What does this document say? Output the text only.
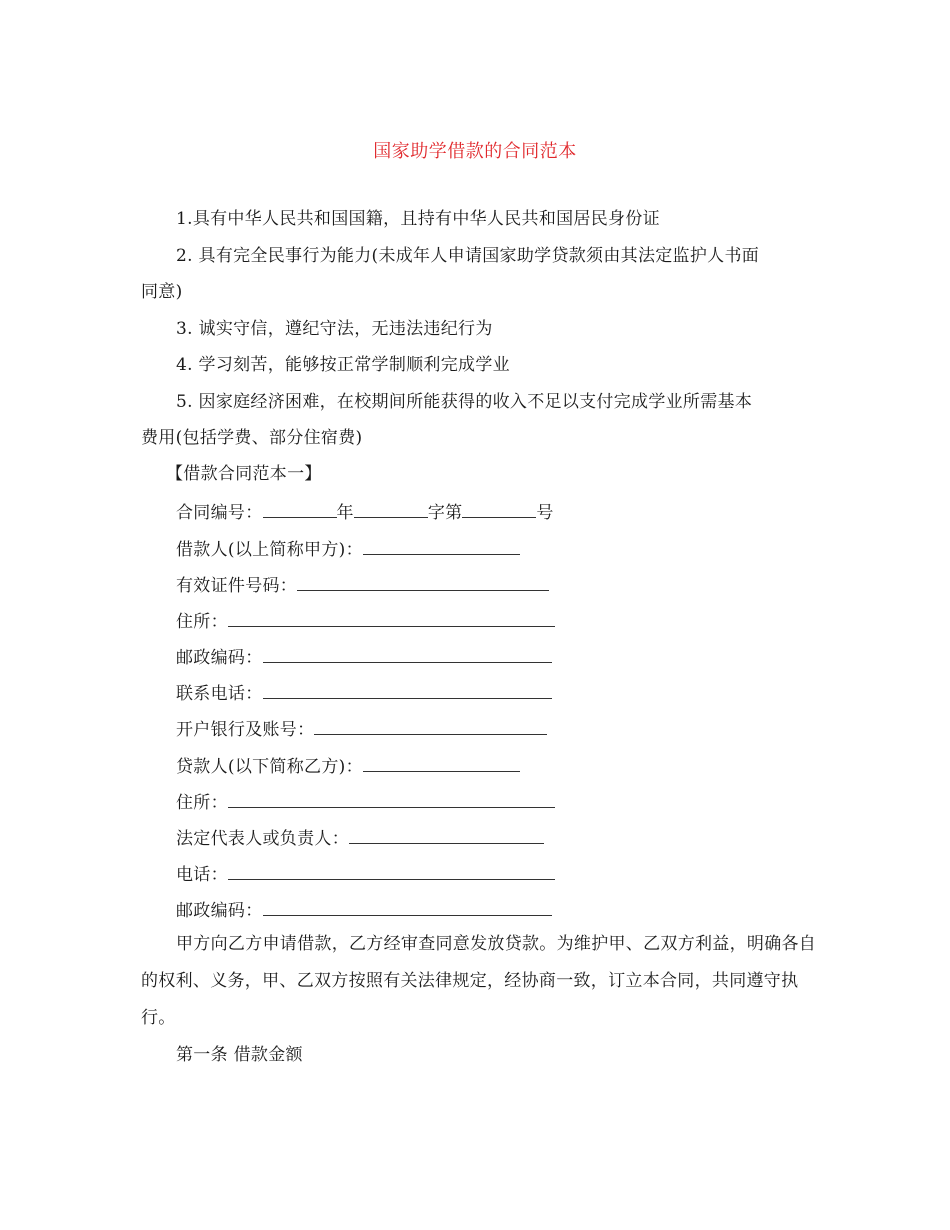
国家助学借款的合同范本
1.具有中华人民共和国国籍，且持有中华人民共和国居民身份证
2. 具有完全民事行为能力(未成年人申请国家助学贷款须由其法定监护人书面
同意)
3. 诚实守信，遵纪守法，无违法违纪行为
4. 学习刻苦，能够按正常学制顺利完成学业
5. 因家庭经济困难，在校期间所能获得的收入不足以支付完成学业所需基本
费用(包括学费、部分住宿费)
【借款合同范本一】
合同编号：	年	字第	号
借款人(以上简称甲方)：
有效证件号码：
住所：
邮政编码：
联系电话：
开户银行及账号：
贷款人(以下简称乙方)：
住所：
法定代表人或负责人：
电话：
邮政编码：
甲方向乙方申请借款，乙方经审查同意发放贷款。为维护甲、乙双方利益，明确各自的权利、义务，甲、乙双方按照有关法律规定，经协商一致，订立本合同，共同遵守执行。
第一条 借款金额
